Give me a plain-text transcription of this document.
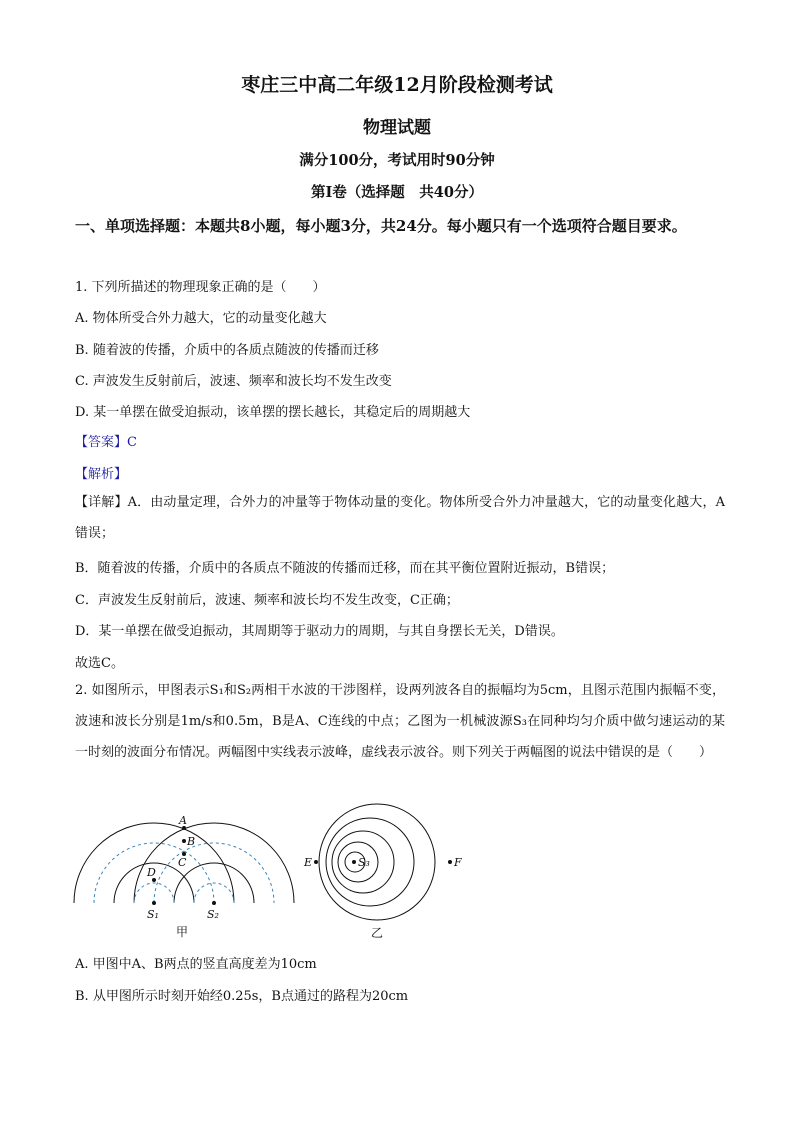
枣庄三中高二年级12月阶段检测考试
物理试题
满分100分，考试用时90分钟
第Ⅰ卷（选择题　共40分）
一、单项选择题：本题共8小题，每小题3分，共24分。每小题只有一个选项符合题目要求。
1. 下列所描述的物理现象正确的是（　　）
A. 物体所受合外力越大，它的动量变化越大
B. 随着波的传播，介质中的各质点随波的传播而迁移
C. 声波发生反射前后，波速、频率和波长均不发生改变
D. 某一单摆在做受迫振动，该单摆的摆长越长，其稳定后的周期越大
【答案】C
【解析】
【详解】A．由动量定理，合外力的冲量等于物体动量的变化。物体所受合外力冲量越大，它的动量变化越大，A错误；
B．随着波的传播，介质中的各质点不随波的传播而迁移，而在其平衡位置附近振动，B错误；
C．声波发生反射前后，波速、频率和波长均不发生改变，C正确；
D．某一单摆在做受迫振动，其周期等于驱动力的周期，与其自身摆长无关，D错误。
故选C。
2. 如图所示，甲图表示S₁和S₂两相干水波的干涉图样，设两列波各自的振幅均为5cm，且图示范围内振幅不变，波速和波长分别是1m/s和0.5m，B是A、C连线的中点；乙图为一机械波源S₃在同种均匀介质中做匀速运动的某一时刻的波面分布情况。两幅图中实线表示波峰，虚线表示波谷。则下列关于两幅图的说法中错误的是（　　）
A
B
C
D
S₁	S₂
甲
S₃
E	F
乙
A. 甲图中A、B两点的竖直高度差为10cm
B. 从甲图所示时刻开始经0.25s，B点通过的路程为20cm
